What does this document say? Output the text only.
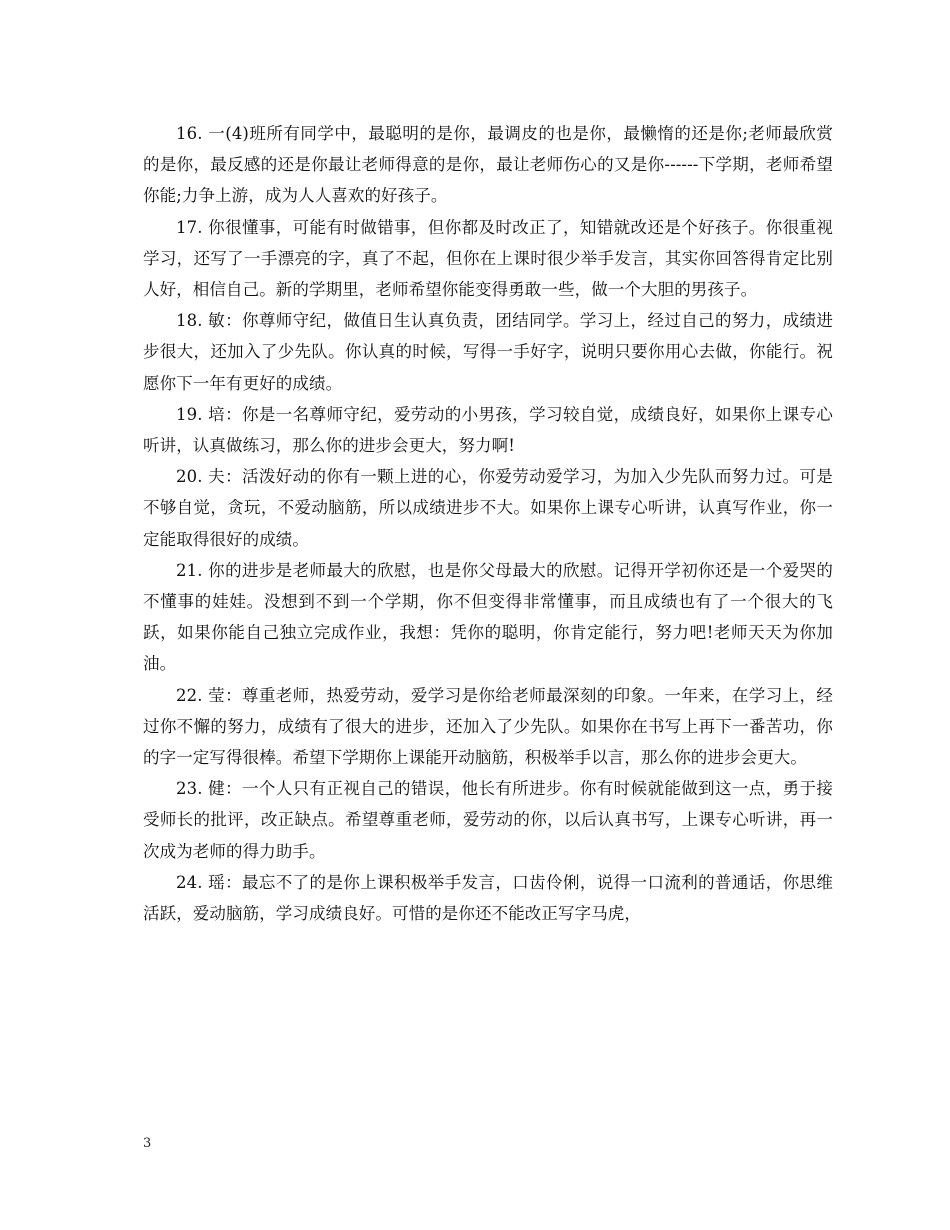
16. 一(4)班所有同学中，最聪明的是你，最调皮的也是你，最懒惰的还是你;老师最欣赏的是你，最反感的还是你最让老师得意的是你，最让老师伤心的又是你------下学期，老师希望你能;力争上游，成为人人喜欢的好孩子。

17. 你很懂事，可能有时做错事，但你都及时改正了，知错就改还是个好孩子。你很重视学习，还写了一手漂亮的字，真了不起，但你在上课时很少举手发言，其实你回答得肯定比别人好，相信自己。新的学期里，老师希望你能变得勇敢一些，做一个大胆的男孩子。

18. 敏：你尊师守纪，做值日生认真负责，团结同学。学习上，经过自己的努力，成绩进步很大，还加入了少先队。你认真的时候，写得一手好字，说明只要你用心去做，你能行。祝愿你下一年有更好的成绩。

19. 培：你是一名尊师守纪，爱劳动的小男孩，学习较自觉，成绩良好，如果你上课专心听讲，认真做练习，那么你的进步会更大，努力啊!

20. 夫：活泼好动的你有一颗上进的心，你爱劳动爱学习，为加入少先队而努力过。可是不够自觉，贪玩，不爱动脑筋，所以成绩进步不大。如果你上课专心听讲，认真写作业，你一定能取得很好的成绩。

21. 你的进步是老师最大的欣慰，也是你父母最大的欣慰。记得开学初你还是一个爱哭的不懂事的娃娃。没想到不到一个学期，你不但变得非常懂事，而且成绩也有了一个很大的飞跃，如果你能自己独立完成作业，我想：凭你的聪明，你肯定能行，努力吧!老师天天为你加油。

22. 莹：尊重老师，热爱劳动，爱学习是你给老师最深刻的印象。一年来，在学习上，经过你不懈的努力，成绩有了很大的进步，还加入了少先队。如果你在书写上再下一番苦功，你的字一定写得很棒。希望下学期你上课能开动脑筋，积极举手以言，那么你的进步会更大。

23. 健：一个人只有正视自己的错误，他长有所进步。你有时候就能做到这一点，勇于接受师长的批评，改正缺点。希望尊重老师，爱劳动的你，以后认真书写，上课专心听讲，再一次成为老师的得力助手。

24. 瑶：最忘不了的是你上课积极举手发言，口齿伶俐，说得一口流利的普通话，你思维活跃，爱动脑筋，学习成绩良好。可惜的是你还不能改正写字马虎，

3
